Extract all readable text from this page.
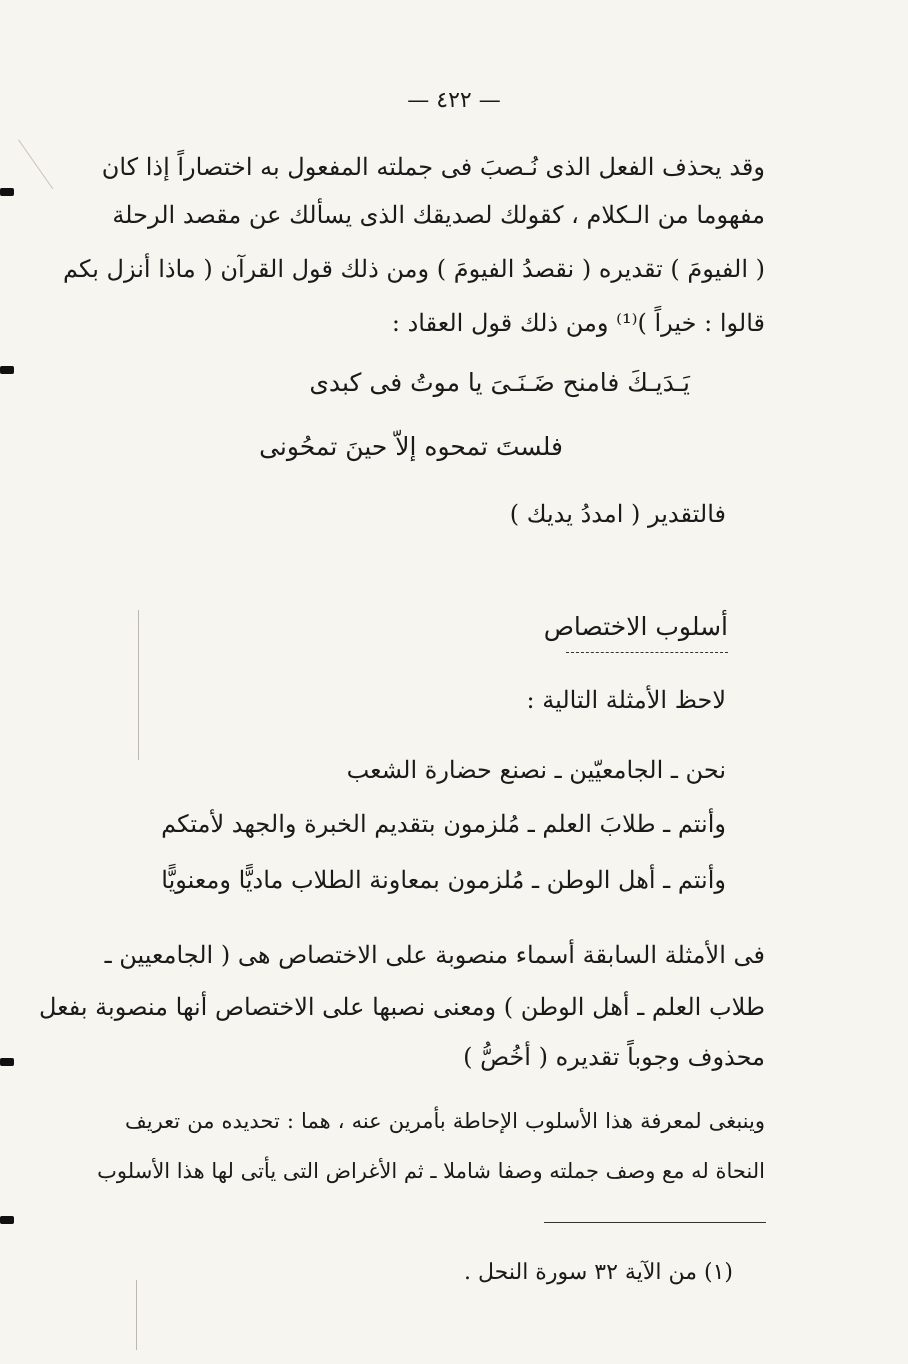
— ٤٢٢ —
وقد يحذف الفعل الذى نُـصبَ فى جملته المفعول به اختصاراً إذا كان
مفهوما من الـكلام ، كقولك لصديقك الذى يسألك عن مقصد الرحلة
( الفيومَ ) تقديره ( نقصدُ الفيومَ ) ومن ذلك قول القرآن ( ماذا أنزل بكم
قالوا : خيراً )⁽¹⁾ ومن ذلك قول العقاد :
يَـدَيـكَ فامنح ضَـنَـىَ يا موتُ فى كبدى
فلستَ تمحوه إلاّ حينَ تمحُونى
فالتقدير ( امددُ يديك )
أسلوب الاختصاص
لاحظ الأمثلة التالية :
نحن ـ الجامعيّين ـ نصنع حضارة الشعب
وأنتم ـ طلابَ العلم ـ مُلزمون بتقديم الخبرة والجهد لأمتكم
وأنتم ـ أهل الوطن ـ مُلزمون بمعاونة الطلاب ماديًّا ومعنويًّا
فى الأمثلة السابقة أسماء منصوبة على الاختصاص هى ( الجامعيين ـ
طلاب العلم ـ أهل الوطن ) ومعنى نصبها على الاختصاص أنها منصوبة بفعل
محذوف وجوباً تقديره ( أخُصُّ )
وينبغى لمعرفة هذا الأسلوب الإحاطة بأمرين عنه ، هما : تحديده من تعريف
النحاة له مع وصف جملته وصفا شاملا ـ ثم الأغراض التى يأتى لها هذا الأسلوب
(١) من الآية ٣٢ سورة النحل .
